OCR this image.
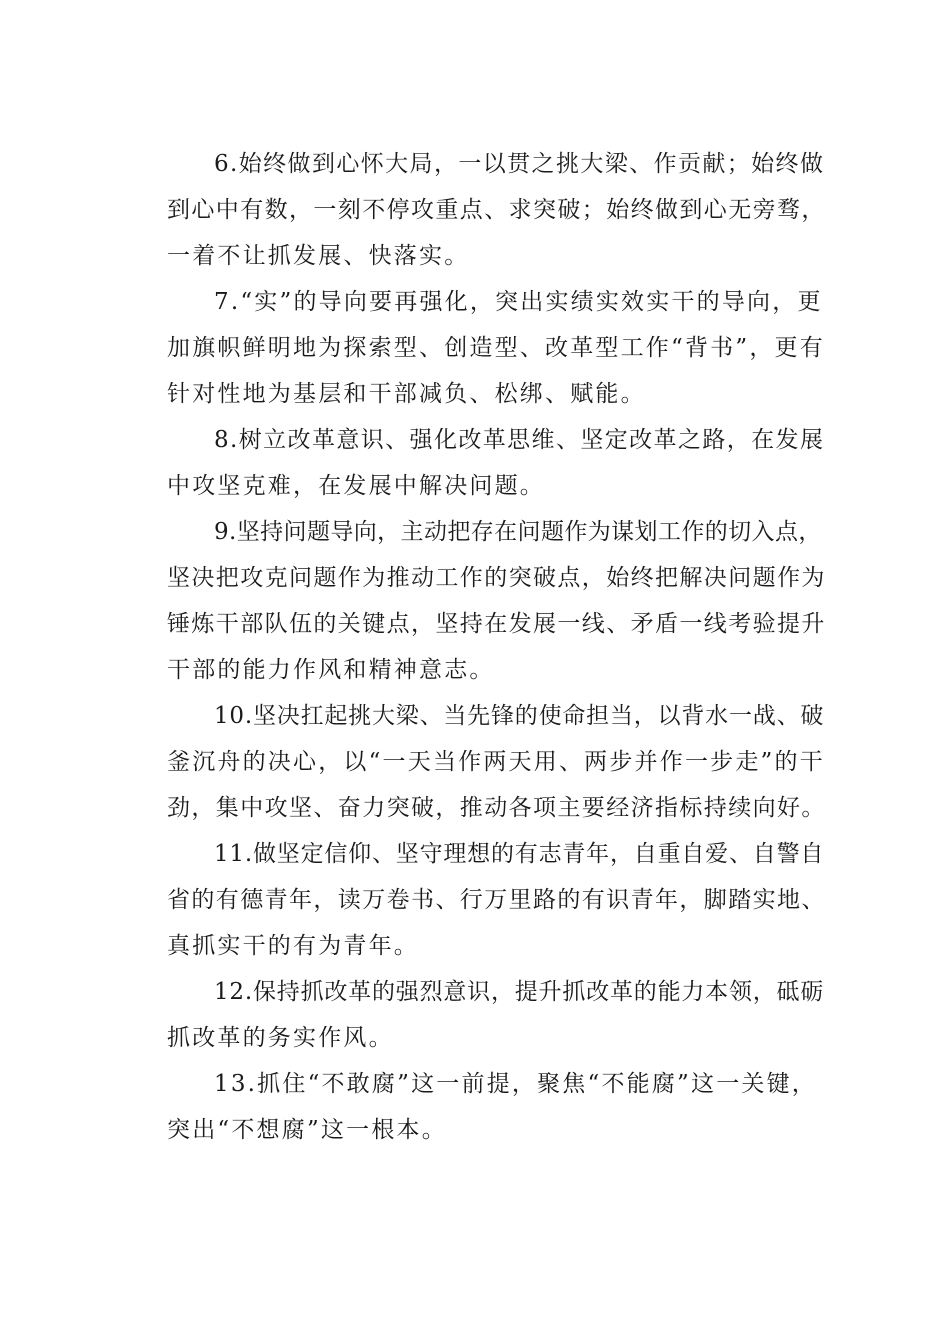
6.始终做到心怀大局，一以贯之挑大梁、作贡献；始终做
到心中有数，一刻不停攻重点、求突破；始终做到心无旁骛，
一着不让抓发展、快落实。
7.“实”的导向要再强化，突出实绩实效实干的导向，更
加旗帜鲜明地为探索型、创造型、改革型工作“背书”，更有
针对性地为基层和干部减负、松绑、赋能。
8.树立改革意识、强化改革思维、坚定改革之路，在发展
中攻坚克难，在发展中解决问题。
9.坚持问题导向，主动把存在问题作为谋划工作的切入点，
坚决把攻克问题作为推动工作的突破点，始终把解决问题作为
锤炼干部队伍的关键点，坚持在发展一线、矛盾一线考验提升
干部的能力作风和精神意志。
10.坚决扛起挑大梁、当先锋的使命担当，以背水一战、破
釜沉舟的决心，以“一天当作两天用、两步并作一步走”的干
劲，集中攻坚、奋力突破，推动各项主要经济指标持续向好。
11.做坚定信仰、坚守理想的有志青年，自重自爱、自警自
省的有德青年，读万卷书、行万里路的有识青年，脚踏实地、
真抓实干的有为青年。
12.保持抓改革的强烈意识，提升抓改革的能力本领，砥砺
抓改革的务实作风。
13.抓住“不敢腐”这一前提，聚焦“不能腐”这一关键，
突出“不想腐”这一根本。
